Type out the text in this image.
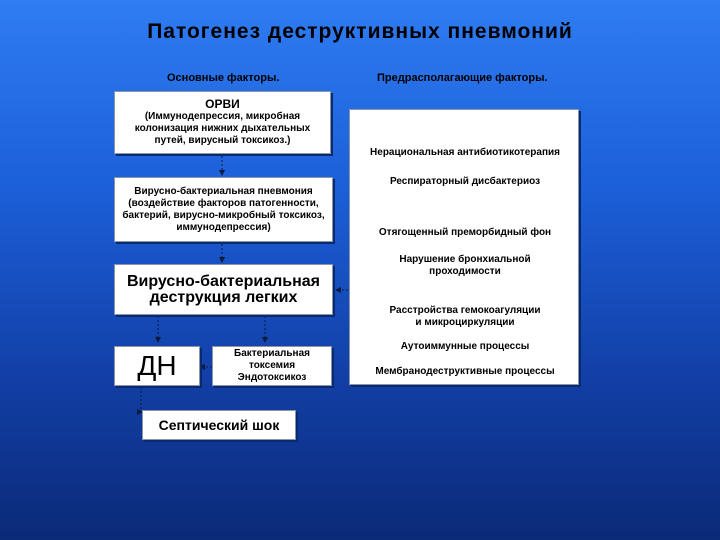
Патогенез деструктивных пневмоний
Основные факторы.	Предрасполагающие факторы.
ОРВИ
(Иммунодепрессия, микробная
колонизация нижних дыхательных
путей, вирусный токсикоз.)
Вирусно-бактериальная пневмония
(воздействие факторов патогенности,
бактерий, вирусно-микробный токсикоз,
иммунодепрессия)
Вирусно-бактериальная
деструкция легких
ДН	Бактериальная
токсемия
Эндотоксикоз
Септический шок
Нерациональная антибиотикотерапия
Респираторный дисбактериоз
Отягощенный преморбидный фон
Нарушение бронхиальной
проходимости
Расстройства гемокоагуляции
и микроциркуляции
Аутоиммунные процессы
Мембранодеструктивные процессы
